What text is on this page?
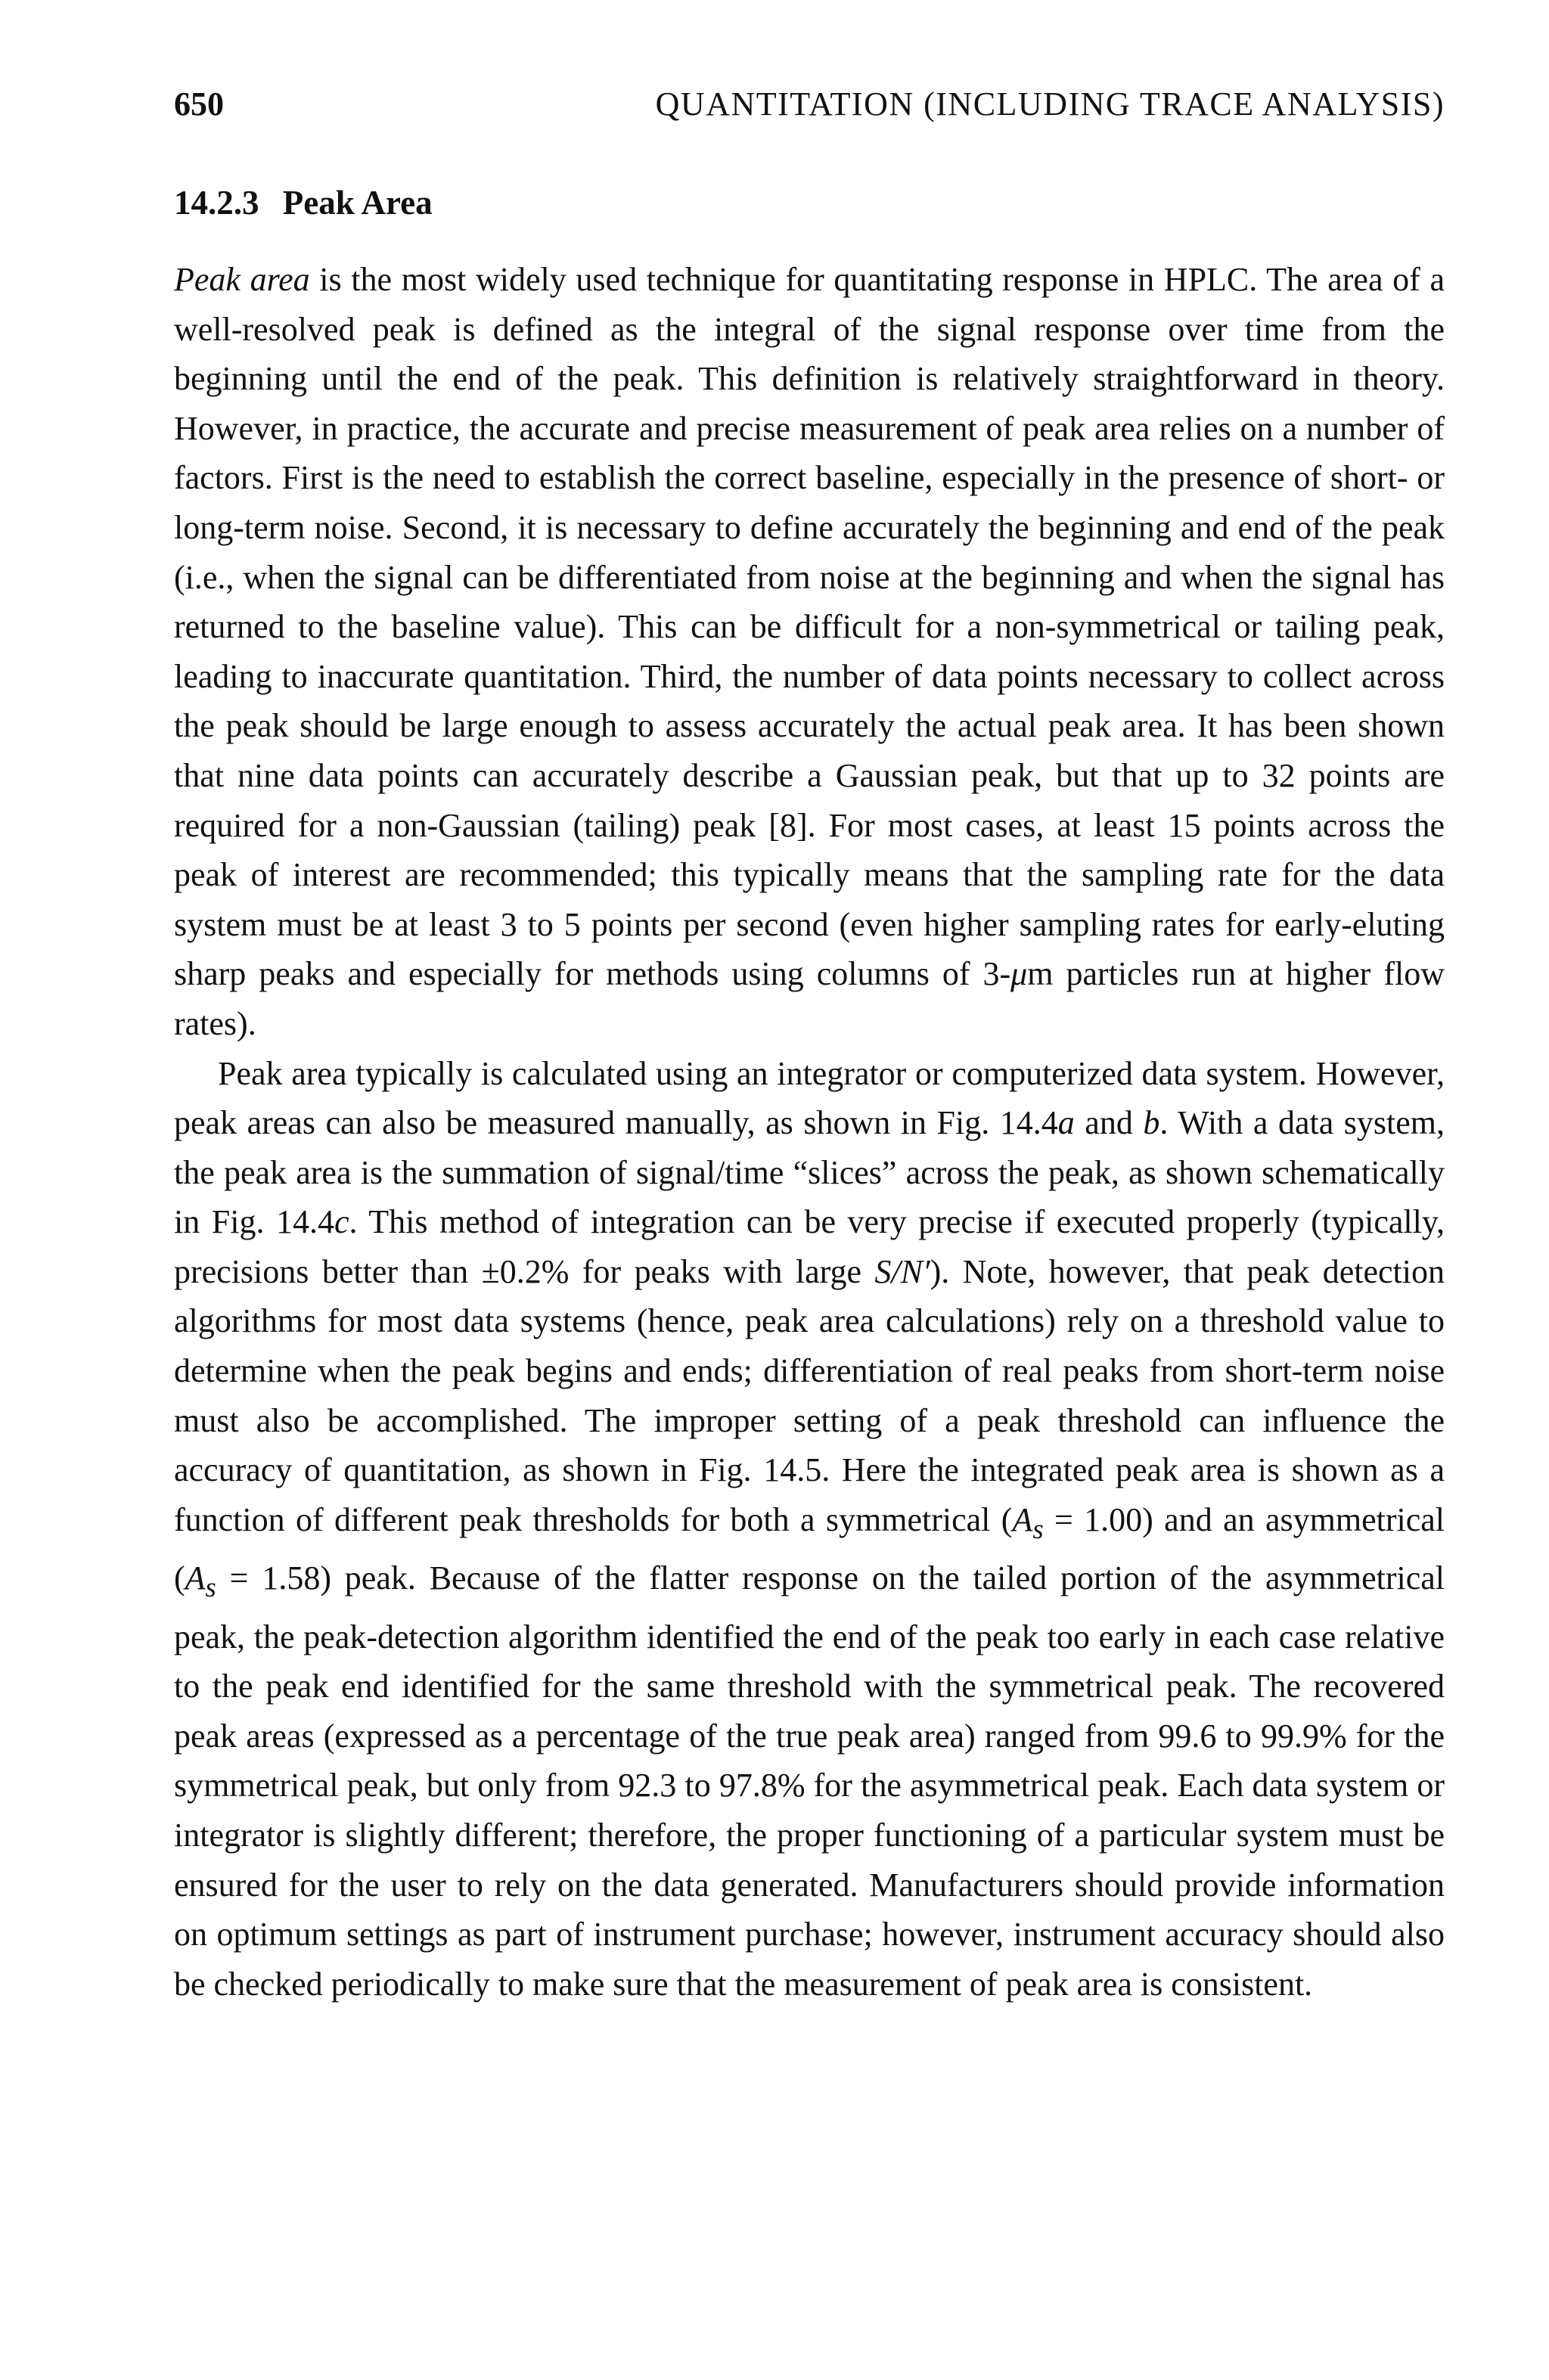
650	QUANTITATION (INCLUDING TRACE ANALYSIS)
14.2.3 Peak Area

Peak area is the most widely used technique for quantitating response in HPLC. The area of a well-resolved peak is defined as the integral of the signal response over time from the beginning until the end of the peak. This definition is relatively straightforward in theory. However, in practice, the accurate and precise measurement of peak area relies on a number of factors. First is the need to establish the correct baseline, especially in the presence of short- or long-term noise. Second, it is necessary to define accurately the beginning and end of the peak (i.e., when the signal can be differentiated from noise at the beginning and when the signal has returned to the baseline value). This can be difficult for a non-symmetrical or tailing peak, leading to inaccurate quantitation. Third, the number of data points necessary to collect across the peak should be large enough to assess accurately the actual peak area. It has been shown that nine data points can accurately describe a Gaussian peak, but that up to 32 points are required for a non-Gaussian (tailing) peak [8]. For most cases, at least 15 points across the peak of interest are recommended; this typically means that the sampling rate for the data system must be at least 3 to 5 points per second (even higher sampling rates for early-eluting sharp peaks and especially for methods using columns of 3-μm particles run at higher flow rates).

Peak area typically is calculated using an integrator or computerized data system. However, peak areas can also be measured manually, as shown in Fig. 14.4a and b. With a data system, the peak area is the summation of signal/time “slices” across the peak, as shown schematically in Fig. 14.4c. This method of integration can be very precise if executed properly (typically, precisions better than ±0.2% for peaks with large S/N′). Note, however, that peak detection algorithms for most data systems (hence, peak area calculations) rely on a threshold value to determine when the peak begins and ends; differentiation of real peaks from short-term noise must also be accomplished. The improper setting of a peak threshold can influence the accuracy of quantitation, as shown in Fig. 14.5. Here the integrated peak area is shown as a function of different peak thresholds for both a symmetrical $(A_s = 1.00)$ and an asymmetrical $(A_s = 1.58)$ peak. Because of the flatter response on the tailed portion of the asymmetrical peak, the peak-detection algorithm identified the end of the peak too early in each case relative to the peak end identified for the same threshold with the symmetrical peak. The recovered peak areas (expressed as a percentage of the true peak area) ranged from 99.6 to 99.9% for the symmetrical peak, but only from 92.3 to 97.8% for the asymmetrical peak. Each data system or integrator is slightly different; therefore, the proper functioning of a particular system must be ensured for the user to rely on the data generated. Manufacturers should provide information on optimum settings as part of instrument purchase; however, instrument accuracy should also be checked periodically to make sure that the measurement of peak area is consistent.
